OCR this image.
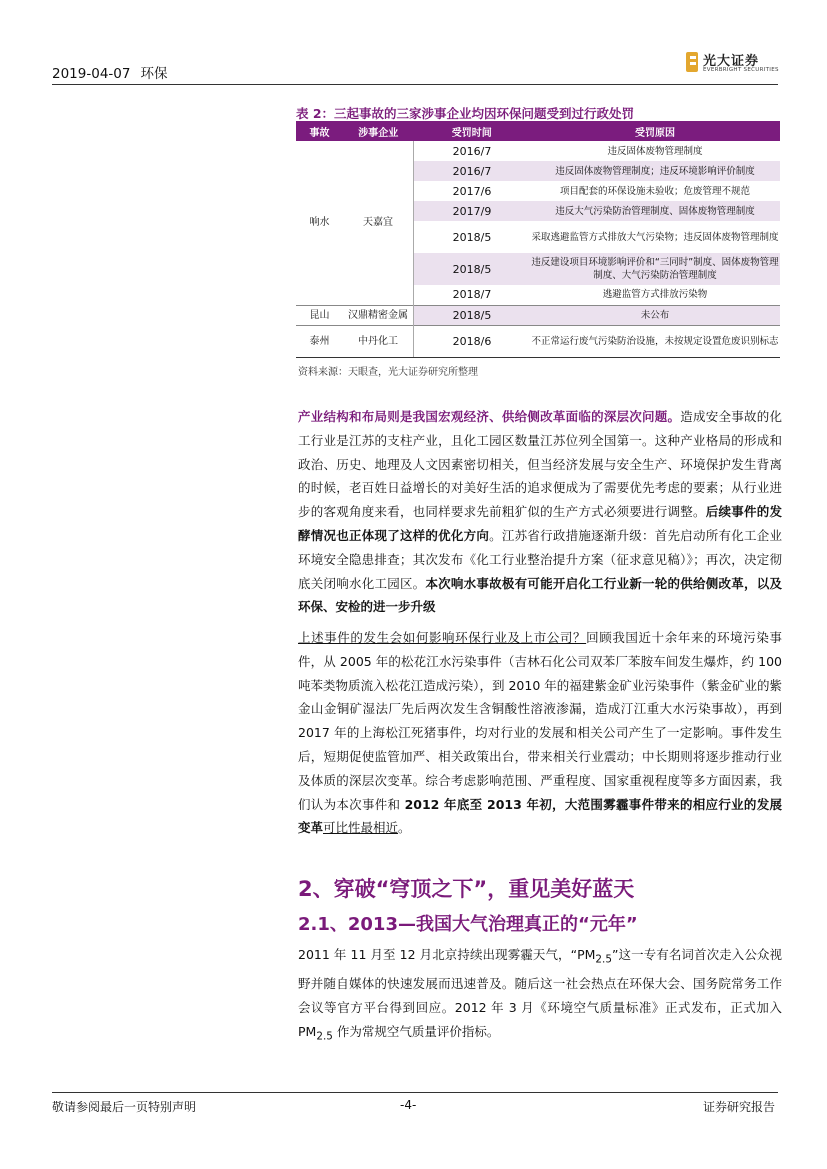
2019-04-07 环保
光大证券
EVERBRIGHT SECURITIES
表 2：三起事故的三家涉事企业均因环保问题受到过行政处罚
事故	涉事企业	受罚时间	受罚原因
响水	天嘉宜	2016/7	违反固体废物管理制度
		2016/7	违反固体废物管理制度；违反环境影响评价制度
		2017/6	项目配套的环保设施未验收；危废管理不规范
		2017/9	违反大气污染防治管理制度、固体废物管理制度
		2018/5	采取逃避监管方式排放大气污染物；违反固体废物管理制度
		2018/5	违反建设项目环境影响评价和“三同时”制度、固体废物管理制度、大气污染防治管理制度
		2018/7	逃避监管方式排放污染物
昆山	汉鼎精密金属	2018/5	未公布
泰州	中丹化工	2018/6	不正常运行废气污染防治设施，未按规定设置危废识别标志
资料来源：天眼查，光大证券研究所整理
产业结构和布局则是我国宏观经济、供给侧改革面临的深层次问题。造成安全事故的化工行业是江苏的支柱产业，且化工园区数量江苏位列全国第一。这种产业格局的形成和政治、历史、地理及人文因素密切相关，但当经济发展与安全生产、环境保护发生背离的时候，老百姓日益增长的对美好生活的追求便成为了需要优先考虑的要素；从行业进步的客观角度来看，也同样要求先前粗犷似的生产方式必须要进行调整。后续事件的发酵情况也正体现了这样的优化方向。江苏省行政措施逐渐升级：首先启动所有化工企业环境安全隐患排查；其次发布《化工行业整治提升方案（征求意见稿）》；再次，决定彻底关闭响水化工园区。本次响水事故极有可能开启化工行业新一轮的供给侧改革，以及环保、安检的进一步升级
上述事件的发生会如何影响环保行业及上市公司？回顾我国近十余年来的环境污染事件，从 2005 年的松花江水污染事件（吉林石化公司双苯厂苯胺车间发生爆炸，约 100 吨苯类物质流入松花江造成污染），到 2010 年的福建紫金矿业污染事件（紫金矿业的紫金山金铜矿湿法厂先后两次发生含铜酸性溶液渗漏，造成汀江重大水污染事故），再到 2017 年的上海松江死猪事件，均对行业的发展和相关公司产生了一定影响。事件发生后，短期促使监管加严、相关政策出台，带来相关行业震动；中长期则将逐步推动行业及体质的深层次变革。综合考虑影响范围、严重程度、国家重视程度等多方面因素，我们认为本次事件和 2012 年底至 2013 年初，大范围雾霾事件带来的相应行业的发展变革可比性最相近。
2、穿破“穹顶之下”，重见美好蓝天
2.1、2013—我国大气治理真正的“元年”
2011 年 11 月至 12 月北京持续出现雾霾天气，“$PM_{2.5}$”这一专有名词首次走入公众视野并随自媒体的快速发展而迅速普及。随后这一社会热点在环保大会、国务院常务工作会议等官方平台得到回应。2012 年 3 月《环境空气质量标准》正式发布，正式加入 $PM_{2.5}$ 作为常规空气质量评价指标。
敬请参阅最后一页特别声明	-4-	证券研究报告
